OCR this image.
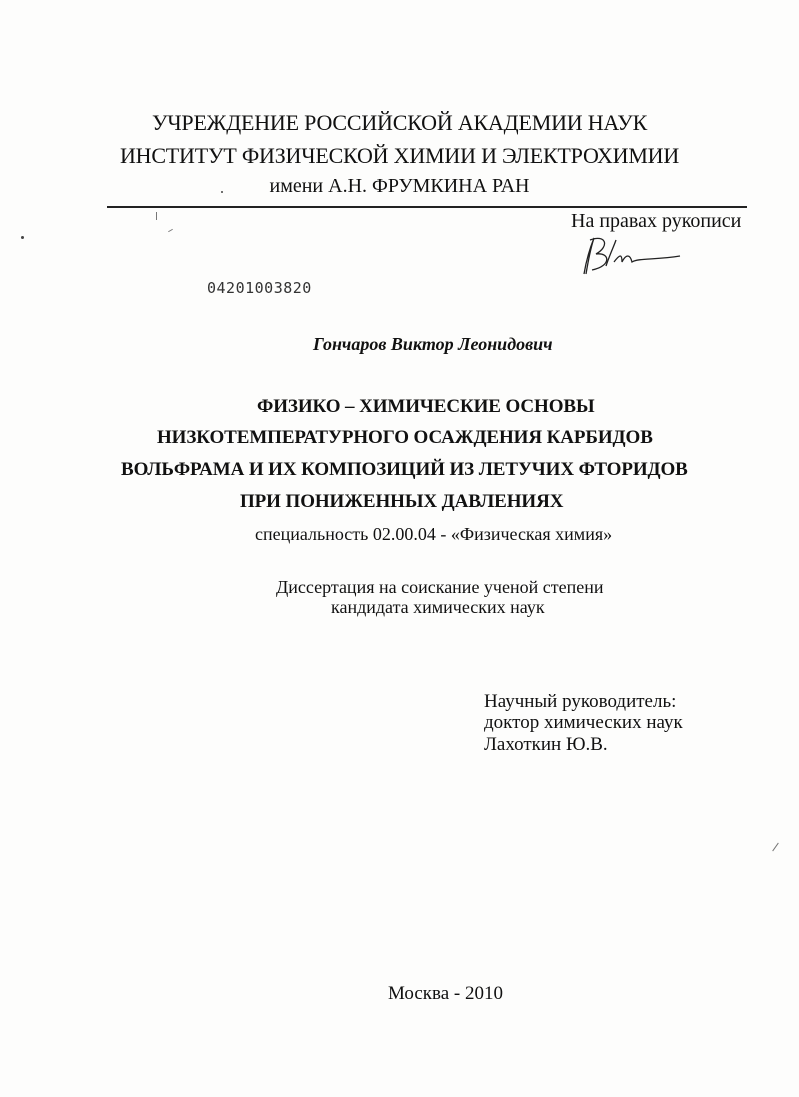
УЧРЕЖДЕНИЕ РОССИЙСКОЙ АКАДЕМИИ НАУК
ИНСТИТУТ ФИЗИЧЕСКОЙ ХИМИИ И ЭЛЕКТРОХИМИИ
имени А.Н. ФРУМКИНА РАН
На правах рукописи
04201003820
Гончаров Виктор Леонидович
ФИЗИКО – ХИМИЧЕСКИЕ ОСНОВЫ
НИЗКОТЕМПЕРАТУРНОГО ОСАЖДЕНИЯ КАРБИДОВ
ВОЛЬФРАМА И ИХ КОМПОЗИЦИЙ ИЗ ЛЕТУЧИХ ФТОРИДОВ
ПРИ ПОНИЖЕННЫХ ДАВЛЕНИЯХ
специальность 02.00.04 - «Физическая химия»
Диссертация на соискание ученой степени
кандидата химических наук
Научный руководитель:
доктор химических наук
Лахоткин Ю.В.
Москва - 2010
